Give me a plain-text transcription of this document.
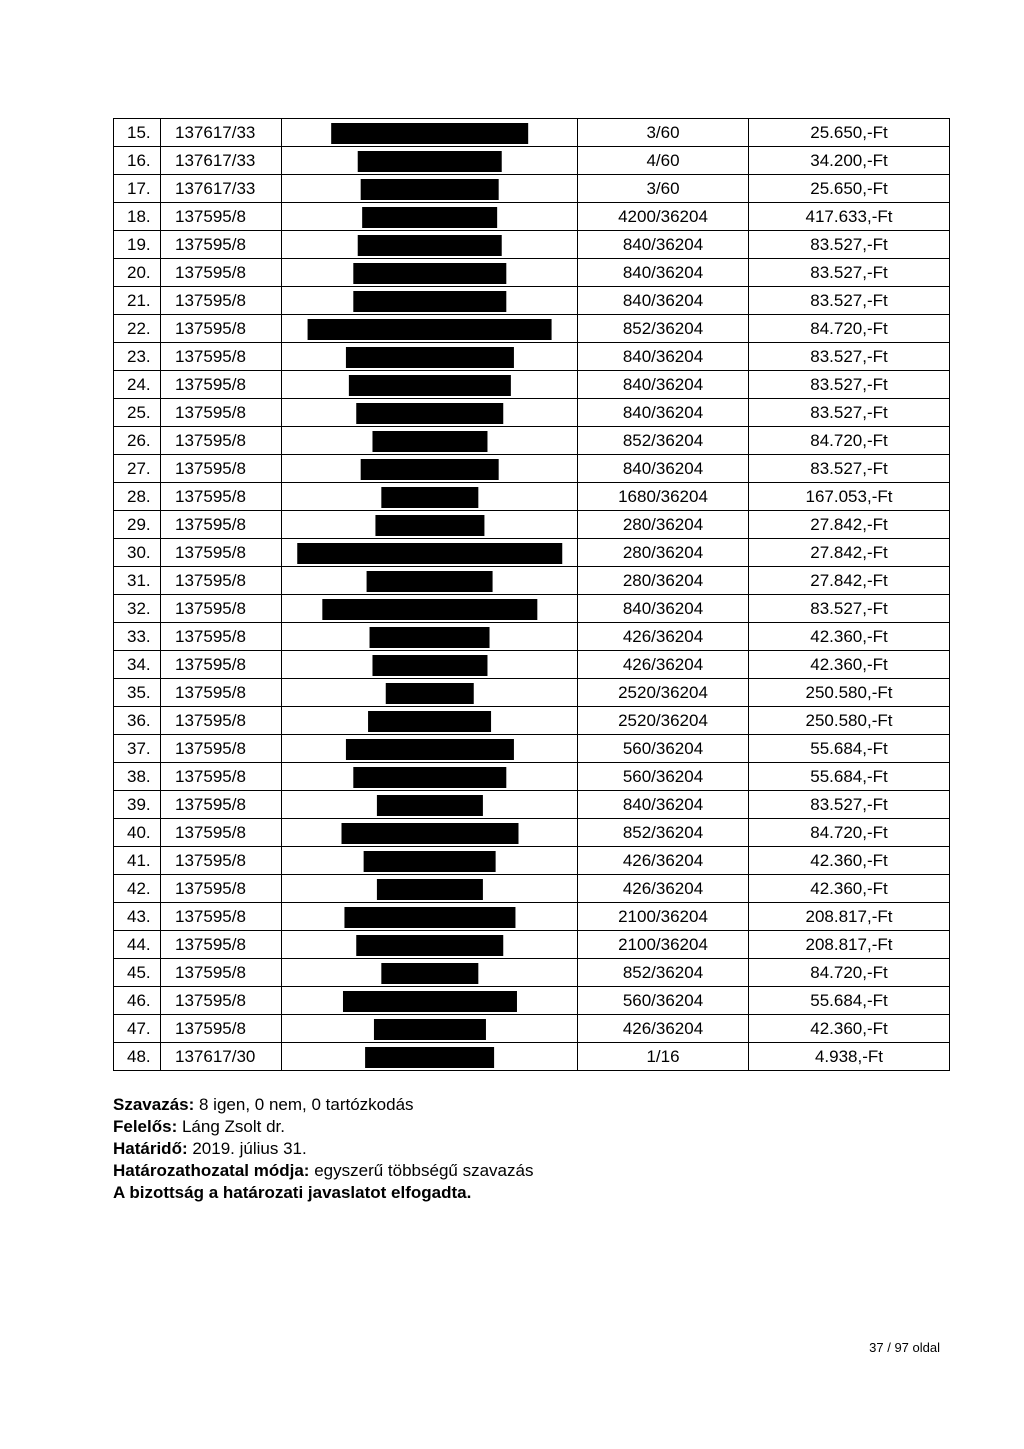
15.	137617/33		3/60	25.650,-Ft
16.	137617/33		4/60	34.200,-Ft
17.	137617/33		3/60	25.650,-Ft
18.	137595/8		4200/36204	417.633,-Ft
19.	137595/8		840/36204	83.527,-Ft
20.	137595/8		840/36204	83.527,-Ft
21.	137595/8		840/36204	83.527,-Ft
22.	137595/8		852/36204	84.720,-Ft
23.	137595/8		840/36204	83.527,-Ft
24.	137595/8		840/36204	83.527,-Ft
25.	137595/8		840/36204	83.527,-Ft
26.	137595/8		852/36204	84.720,-Ft
27.	137595/8		840/36204	83.527,-Ft
28.	137595/8		1680/36204	167.053,-Ft
29.	137595/8		280/36204	27.842,-Ft
30.	137595/8		280/36204	27.842,-Ft
31.	137595/8		280/36204	27.842,-Ft
32.	137595/8		840/36204	83.527,-Ft
33.	137595/8		426/36204	42.360,-Ft
34.	137595/8		426/36204	42.360,-Ft
35.	137595/8		2520/36204	250.580,-Ft
36.	137595/8		2520/36204	250.580,-Ft
37.	137595/8		560/36204	55.684,-Ft
38.	137595/8		560/36204	55.684,-Ft
39.	137595/8		840/36204	83.527,-Ft
40.	137595/8		852/36204	84.720,-Ft
41.	137595/8		426/36204	42.360,-Ft
42.	137595/8		426/36204	42.360,-Ft
43.	137595/8		2100/36204	208.817,-Ft
44.	137595/8		2100/36204	208.817,-Ft
45.	137595/8		852/36204	84.720,-Ft
46.	137595/8		560/36204	55.684,-Ft
47.	137595/8		426/36204	42.360,-Ft
48.	137617/30		1/16	4.938,-Ft
Szavazás: 8 igen, 0 nem, 0 tartózkodás
Felelős: Láng Zsolt dr.
Határidő: 2019. július 31.
Határozathozatal módja: egyszerű többségű szavazás
A bizottság a határozati javaslatot elfogadta.
37 / 97 oldal
